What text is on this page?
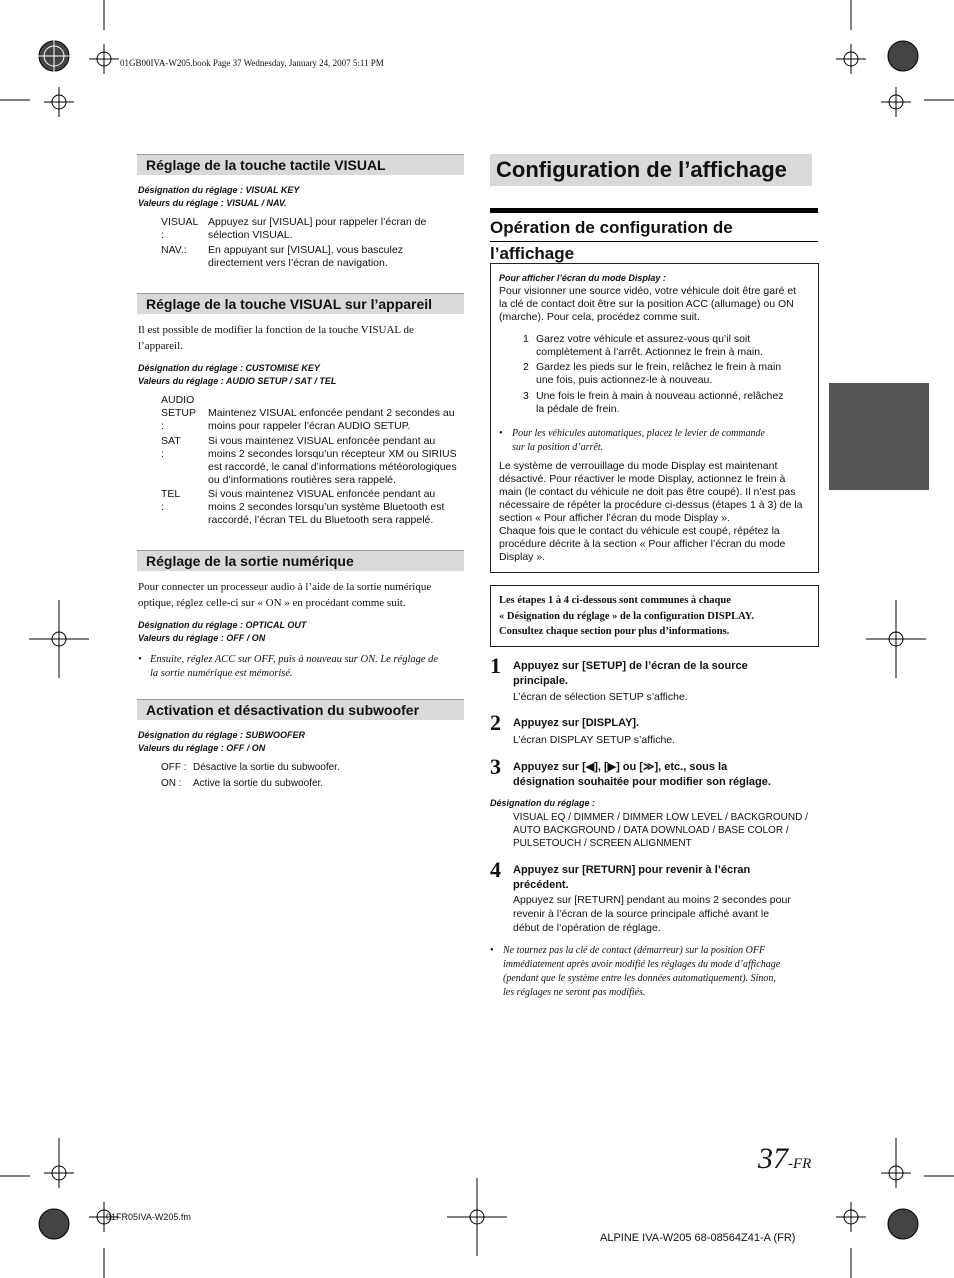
01GB00IVA-W205.book Page 37 Wednesday, January 24, 2007 5:11 PM
01FR05IVA-W205.fm
ALPINE IVA-W205 68-08564Z41-A (FR)
37-FR
Réglage de la touche tactile VISUAL
Désignation du réglage : VISUAL KEY
Valeurs du réglage : VISUAL / NAV.
VISUAL :
Appuyez sur [VISUAL] pour rappeler l’écran de
sélection VISUAL.
NAV.: En appuyant sur [VISUAL], vous basculez
directement vers l’écran de navigation.
Réglage de la touche VISUAL sur l’appareil
Il est possible de modifier la fonction de la touche VISUAL de
l’appareil.
Désignation du réglage : CUSTOMISE KEY
Valeurs du réglage : AUDIO SETUP / SAT / TEL
AUDIO
SETUP :
Maintenez VISUAL enfoncée pendant 2 secondes au
moins pour rappeler l’écran AUDIO SETUP.
SAT :
Si vous maintenez VISUAL enfoncée pendant au
moins 2 secondes lorsqu’un récepteur XM ou SIRIUS
est raccordé, le canal d’informations météorologiques
ou d’informations routières sera rappelé.
TEL :
Si vous maintenez VISUAL enfoncée pendant au
moins 2 secondes lorsqu’un système Bluetooth est
raccordé, l’écran TEL du Bluetooth sera rappelé.
Réglage de la sortie numérique
Pour connecter un processeur audio à l’aide de la sortie numérique
optique, réglez celle-ci sur « ON » en procédant comme suit.
Désignation du réglage : OPTICAL OUT
Valeurs du réglage : OFF / ON
• Ensuite, réglez ACC sur OFF, puis à nouveau sur ON. Le réglage de
la sortie numérique est mémorisé.
Activation et désactivation du subwoofer
Désignation du réglage : SUBWOOFER
Valeurs du réglage : OFF / ON
OFF : Désactive la sortie du subwoofer.
ON : Active la sortie du subwoofer.
Configuration de l’affichage
Opération de configuration de l’affichage
Pour afficher l’écran du mode Display :
Pour visionner une source vidéo, votre véhicule doit être garé et
la clé de contact doit être sur la position ACC (allumage) ou ON
(marche). Pour cela, procédez comme suit.
1 Garez votre véhicule et assurez-vous qu’il soit
complètement à l’arrêt. Actionnez le frein à main.
2 Gardez les pieds sur le frein, relâchez le frein à main
une fois, puis actionnez-le à nouveau.
3 Une fois le frein à main à nouveau actionné, relâchez
la pédale de frein.
• Pour les véhicules automatiques, placez le levier de commande
sur la position d’arrêt.
Le système de verrouillage du mode Display est maintenant
désactivé. Pour réactiver le mode Display, actionnez le frein à
main (le contact du véhicule ne doit pas être coupé). Il n’est pas
nécessaire de répéter la procédure ci-dessus (étapes 1 à 3) de la
section « Pour afficher l’écran du mode Display ».
Chaque fois que le contact du véhicule est coupé, répétez la
procédure décrite à la section « Pour afficher l’écran du mode
Display ».
Les étapes 1 à 4 ci-dessous sont communes à chaque
« Désignation du réglage » de la configuration DISPLAY.
Consultez chaque section pour plus d’informations.
1 Appuyez sur [SETUP] de l’écran de la source
principale.
L’écran de sélection SETUP s’affiche.
2 Appuyez sur [DISPLAY].
L’écran DISPLAY SETUP s’affiche.
3 Appuyez sur [◀], [▶] ou [≫], etc., sous la
désignation souhaitée pour modifier son réglage.
Désignation du réglage :
VISUAL EQ / DIMMER / DIMMER LOW LEVEL / BACKGROUND /
AUTO BACKGROUND / DATA DOWNLOAD / BASE COLOR /
PULSETOUCH / SCREEN ALIGNMENT
4 Appuyez sur [RETURN] pour revenir à l’écran
précédent.
Appuyez sur [RETURN] pendant au moins 2 secondes pour
revenir à l’écran de la source principale affiché avant le
début de l’opération de réglage.
• Ne tournez pas la clé de contact (démarreur) sur la position OFF
immédiatement après avoir modifié les réglages du mode d’affichage
(pendant que le système entre les données automatiquement). Sinon,
les réglages ne seront pas modifiés.
